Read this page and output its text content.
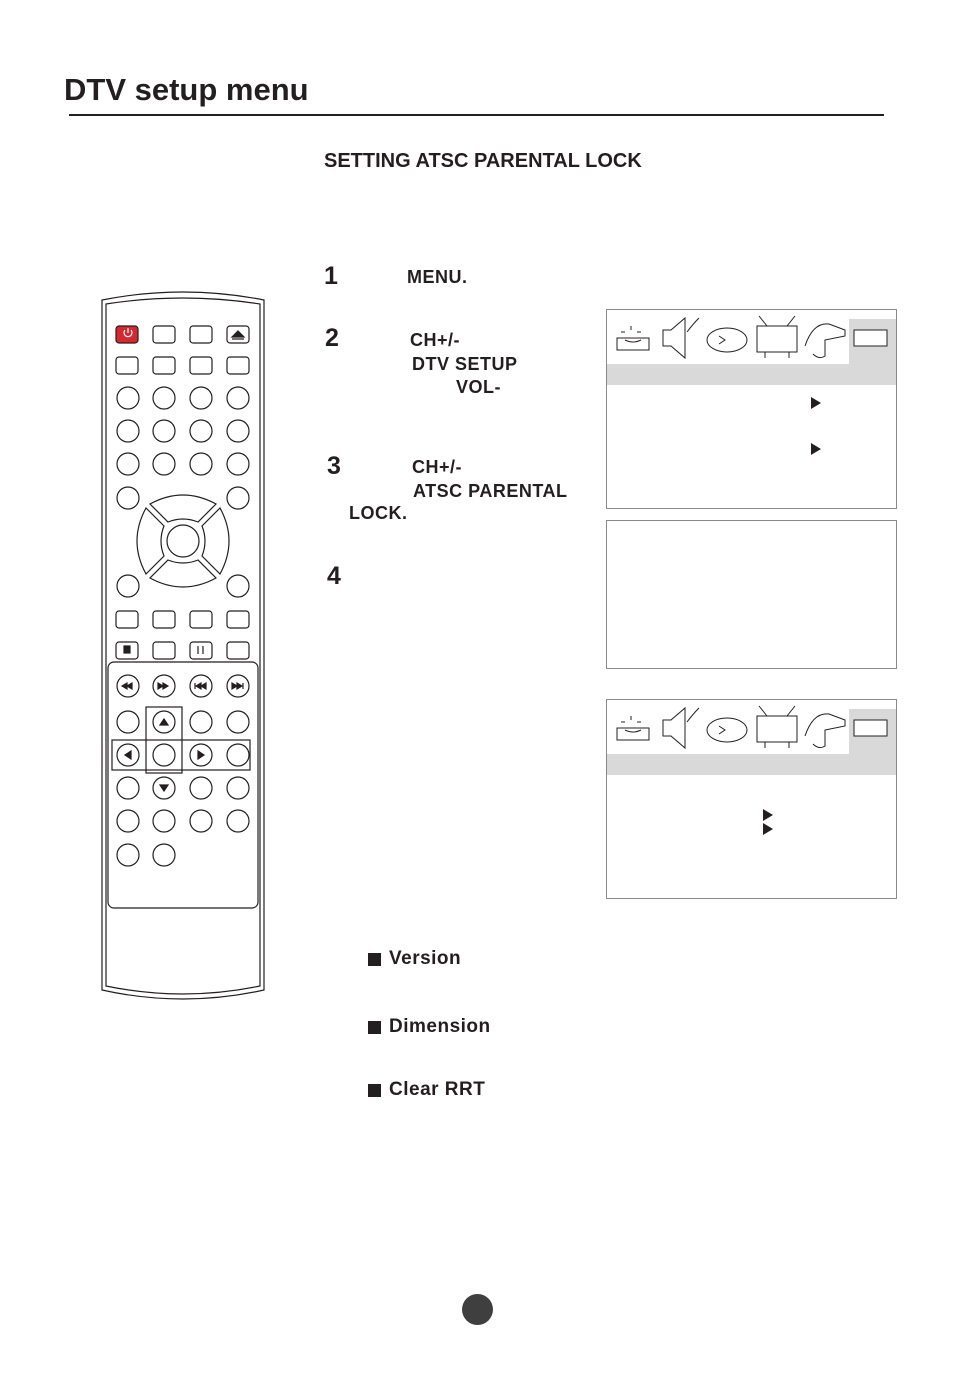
DTV setup menu
SETTING ATSC PARENTAL LOCK
1	MENU.
2	CH+/-
DTV SETUP
VOL-
3	CH+/-
ATSC PARENTAL
LOCK.
4
Version
Dimension
Clear RRT
